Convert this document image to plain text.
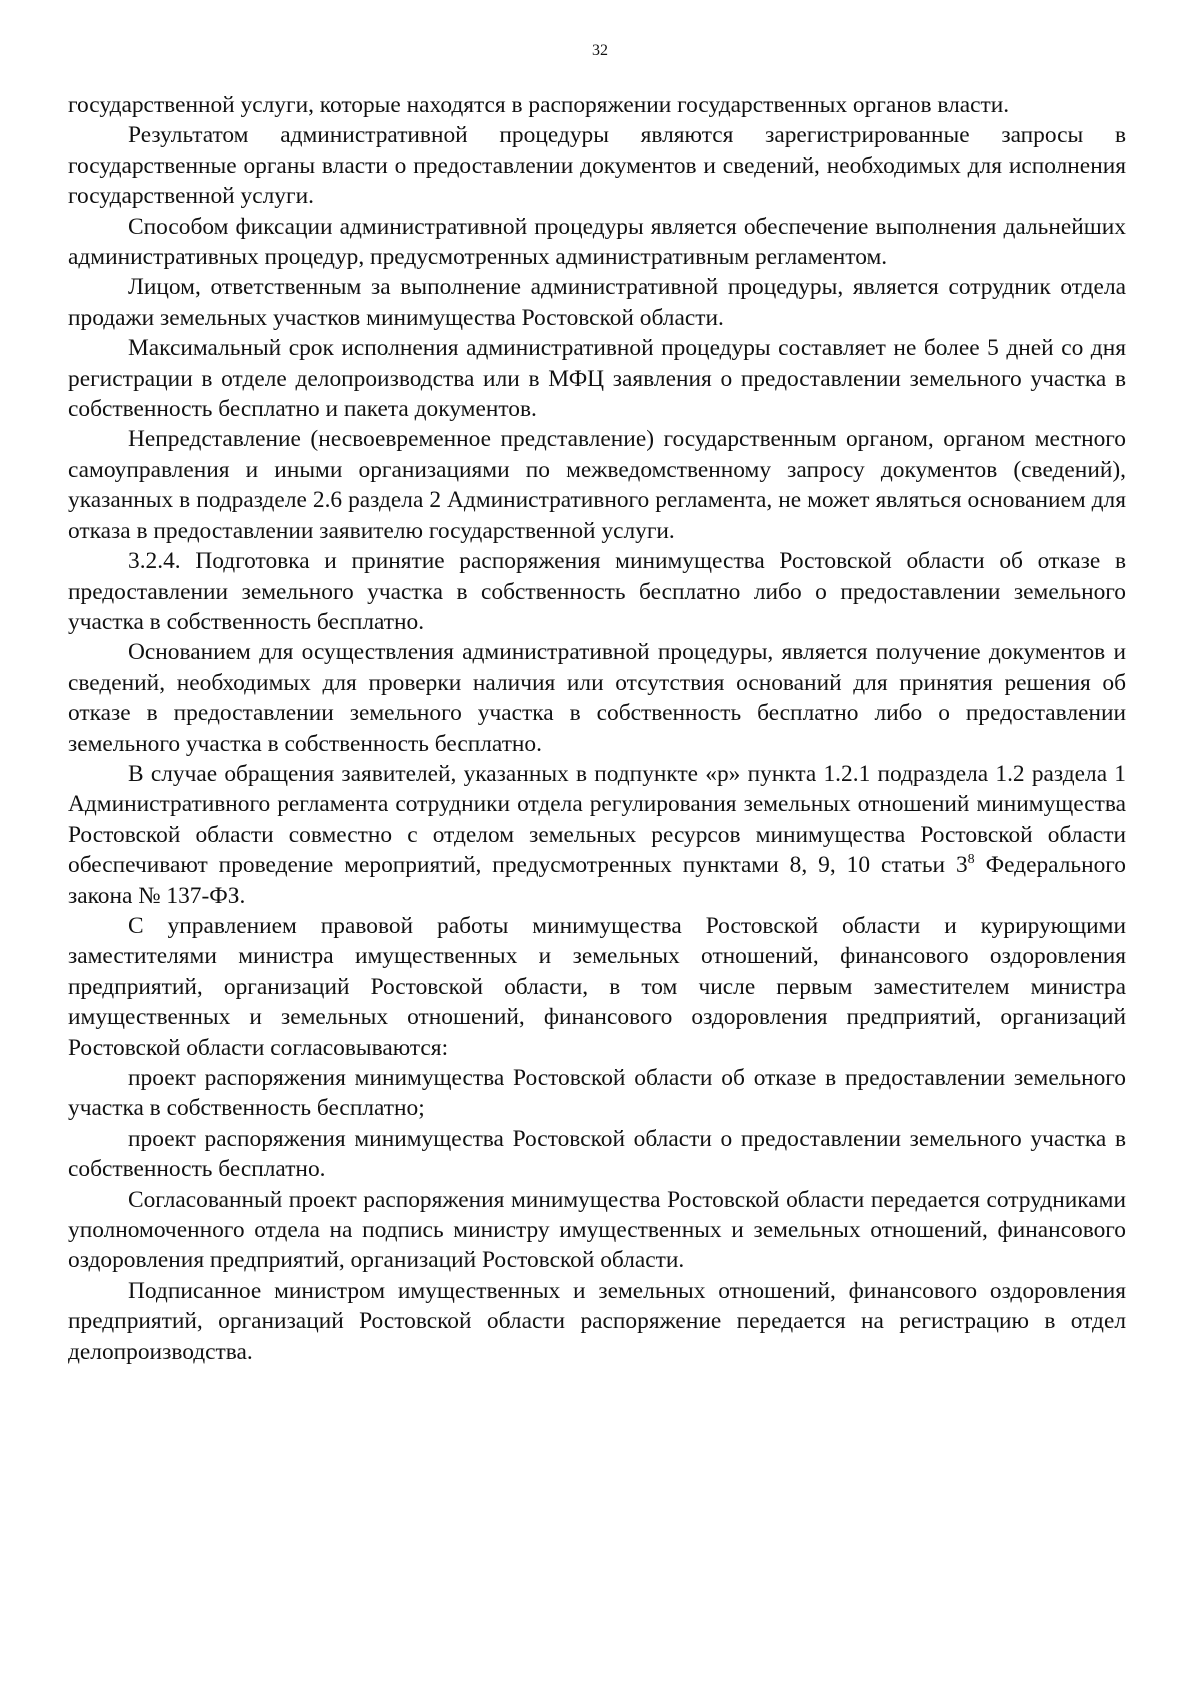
32

государственной услуги, которые находятся в распоряжении государственных органов власти.

Результатом административной процедуры являются зарегистрированные запросы в государственные органы власти о предоставлении документов и сведений, необходимых для исполнения государственной услуги.

Способом фиксации административной процедуры является обеспечение выполнения дальнейших административных процедур, предусмотренных административным регламентом.

Лицом, ответственным за выполнение административной процедуры, является сотрудник отдела продажи земельных участков минимущества Ростовской области.

Максимальный срок исполнения административной процедуры составляет не более 5 дней со дня регистрации в отделе делопроизводства или в МФЦ заявления о предоставлении земельного участка в собственность бесплатно и пакета документов.

Непредставление (несвоевременное представление) государственным органом, органом местного самоуправления и иными организациями по межведомственному запросу документов (сведений), указанных в подразделе 2.6 раздела 2 Административного регламента, не может являться основанием для отказа в предоставлении заявителю государственной услуги.

3.2.4. Подготовка и принятие распоряжения минимущества Ростовской области об отказе в предоставлении земельного участка в собственность бесплатно либо о предоставлении земельного участка в собственность бесплатно.

Основанием для осуществления административной процедуры, является получение документов и сведений, необходимых для проверки наличия или отсутствия оснований для принятия решения об отказе в предоставлении земельного участка в собственность бесплатно либо о предоставлении земельного участка в собственность бесплатно.

В случае обращения заявителей, указанных в подпункте «р» пункта 1.2.1 подраздела 1.2 раздела 1 Административного регламента сотрудники отдела регулирования земельных отношений минимущества Ростовской области совместно с отделом земельных ресурсов минимущества Ростовской области обеспечивают проведение мероприятий, предусмотренных пунктами 8, 9, 10 статьи $3^8$ Федерального закона № 137-ФЗ.

С управлением правовой работы минимущества Ростовской области и курирующими заместителями министра имущественных и земельных отношений, финансового оздоровления предприятий, организаций Ростовской области, в том числе первым заместителем министра имущественных и земельных отношений, финансового оздоровления предприятий, организаций Ростовской области согласовываются:

проект распоряжения минимущества Ростовской области об отказе в предоставлении земельного участка в собственность бесплатно;

проект распоряжения минимущества Ростовской области о предоставлении земельного участка в собственность бесплатно.

Согласованный проект распоряжения минимущества Ростовской области передается сотрудниками уполномоченного отдела на подпись министру имущественных и земельных отношений, финансового оздоровления предприятий, организаций Ростовской области.

Подписанное министром имущественных и земельных отношений, финансового оздоровления предприятий, организаций Ростовской области распоряжение передается на регистрацию в отдел делопроизводства.
